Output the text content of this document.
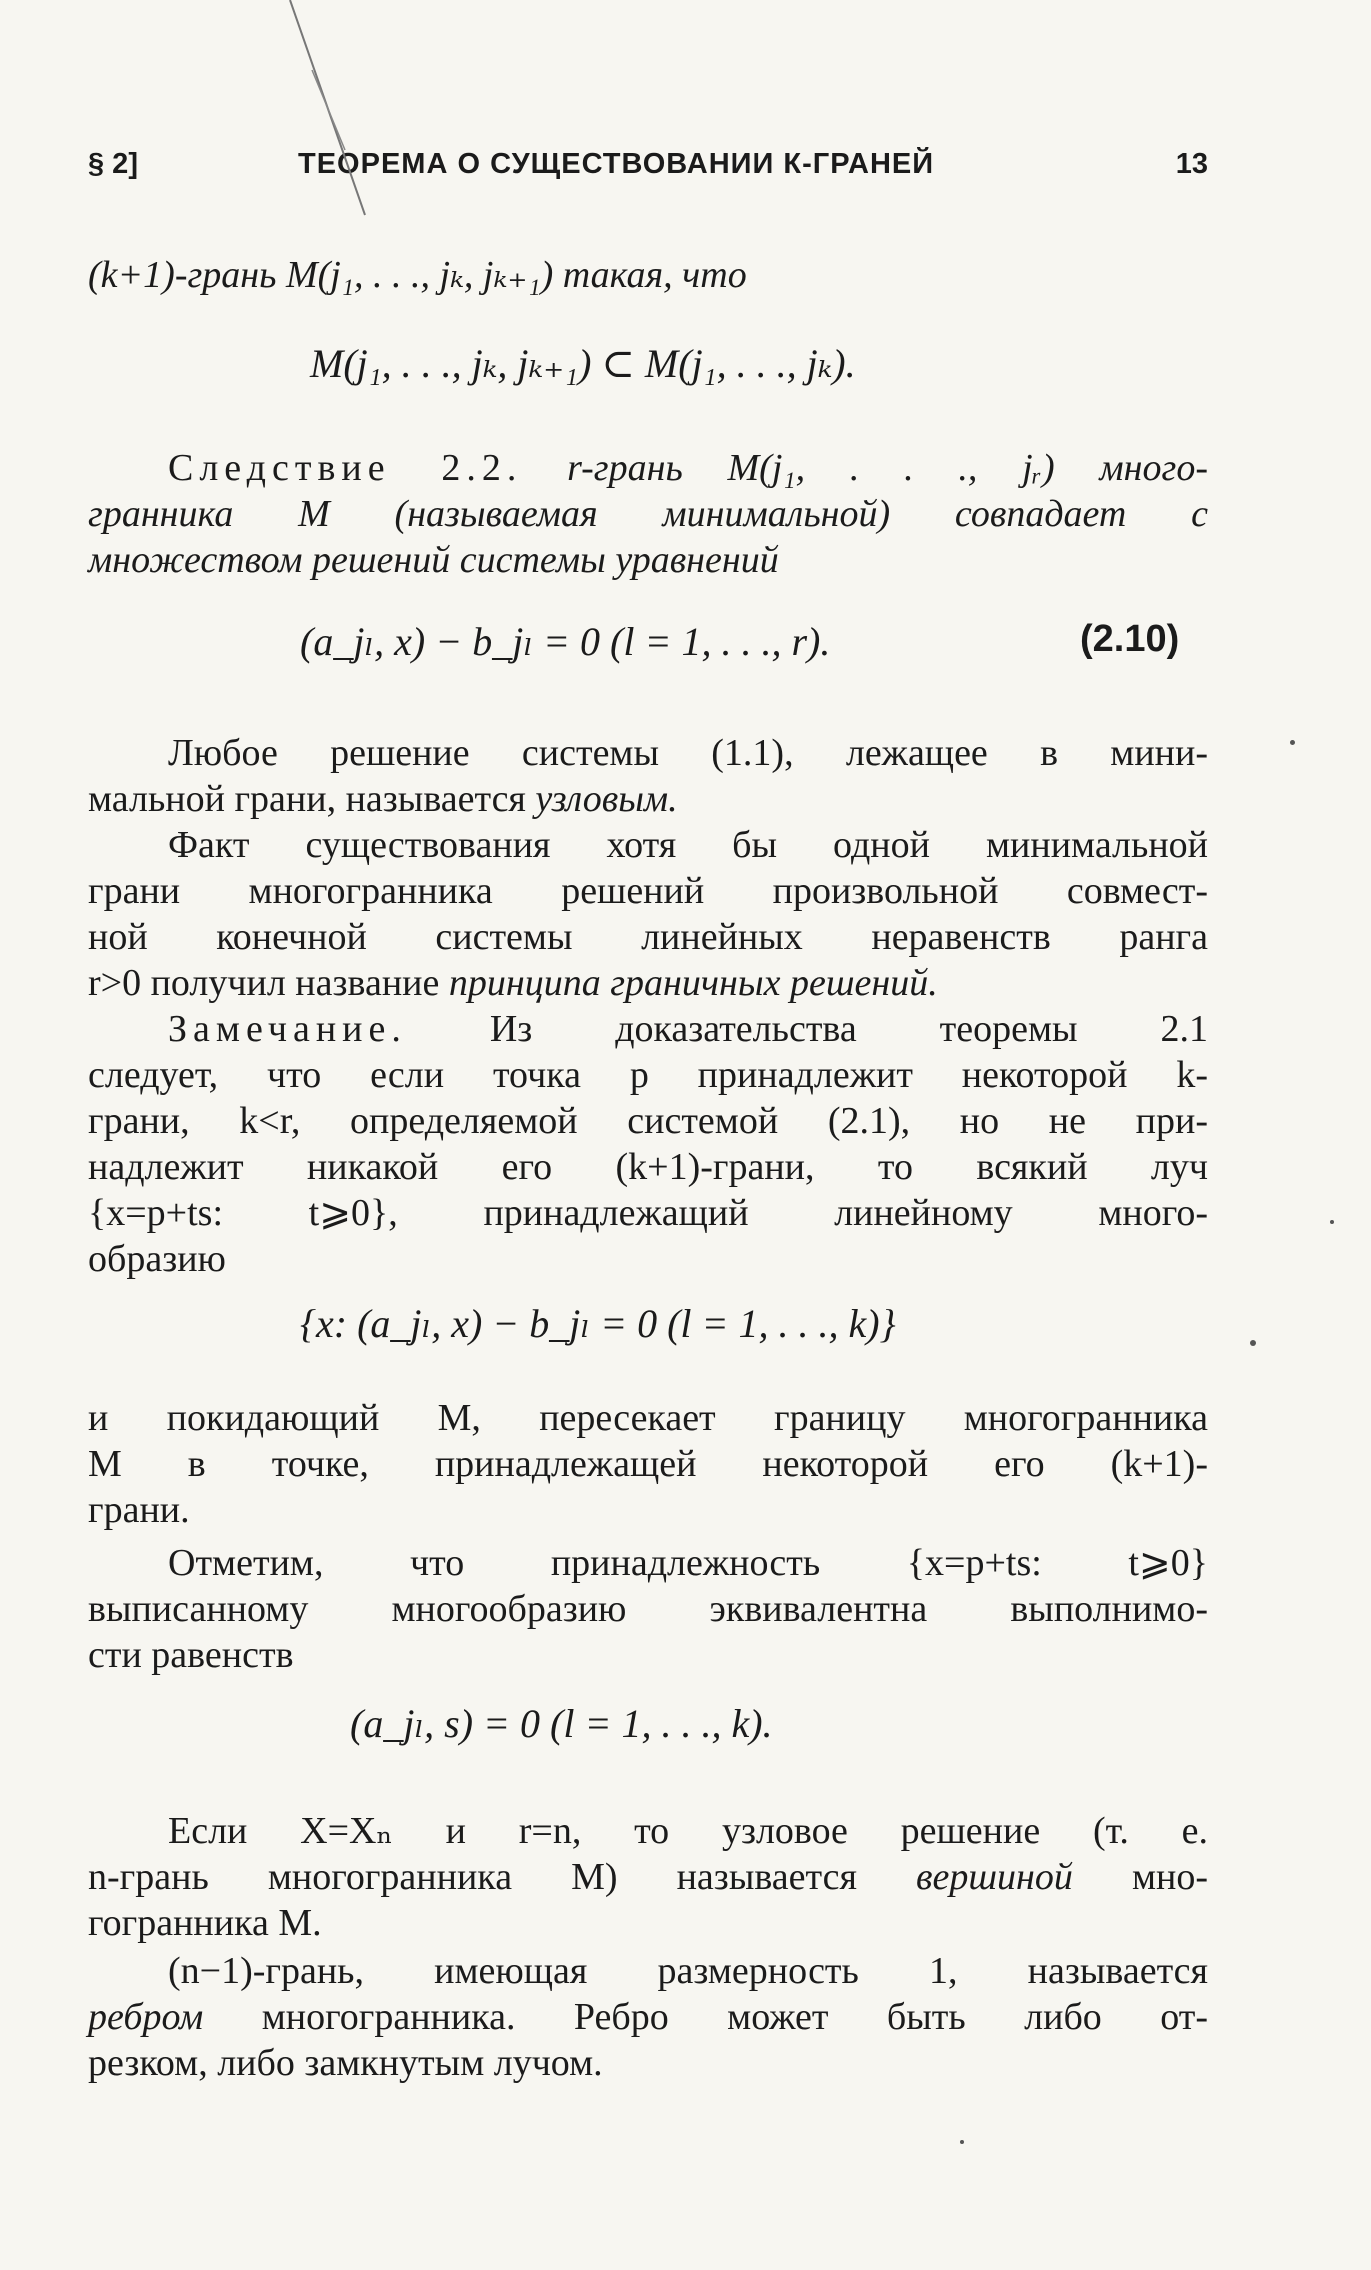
§ 2]	ТЕОРЕМА О СУЩЕСТВОВАНИИ К-ГРАНЕЙ	13
(k+1)-грань M(j₁, . . ., jₖ, jₖ₊₁) такая, что
M(j₁, . . ., jₖ, jₖ₊₁) ⊂ M(j₁, . . ., jₖ).
Следствие 2.2. r-грань M(j₁, . . ., jᵣ) много-
гранника M (называемая минимальной) совпадает с
множеством решений системы уравнений
(a_jₗ, x) − b_jₗ = 0 (l = 1, . . ., r).	(2.10)
Любое решение системы (1.1), лежащее в мини-
мальной грани, называется узловым.
Факт существования хотя бы одной минимальной
грани многогранника решений произвольной совмест-
ной конечной системы линейных неравенств ранга
r>0 получил название принципа граничных решений.
Замечание. Из доказательства теоремы 2.1
следует, что если точка p принадлежит некоторой k-
грани, k<r, определяемой системой (2.1), но не при-
надлежит никакой его (k+1)-грани, то всякий луч
{x=p+ts: t⩾0}, принадлежащий линейному много-
образию
{x: (a_jₗ, x) − b_jₗ = 0 (l = 1, . . ., k)}
и покидающий M, пересекает границу многогранника
M в точке, принадлежащей некоторой его (k+1)-
грани.
Отметим, что принадлежность {x=p+ts: t⩾0}
выписанному многообразию эквивалентна выполнимо-
сти равенств
(a_jₗ, s) = 0 (l = 1, . . ., k).
Если X=Xₙ и r=n, то узловое решение (т. е.
n-грань многогранника M) называется вершиной мно-
гогранника M.
(n−1)-грань, имеющая размерность 1, называется
ребром многогранника. Ребро может быть либо от-
резком, либо замкнутым лучом.
